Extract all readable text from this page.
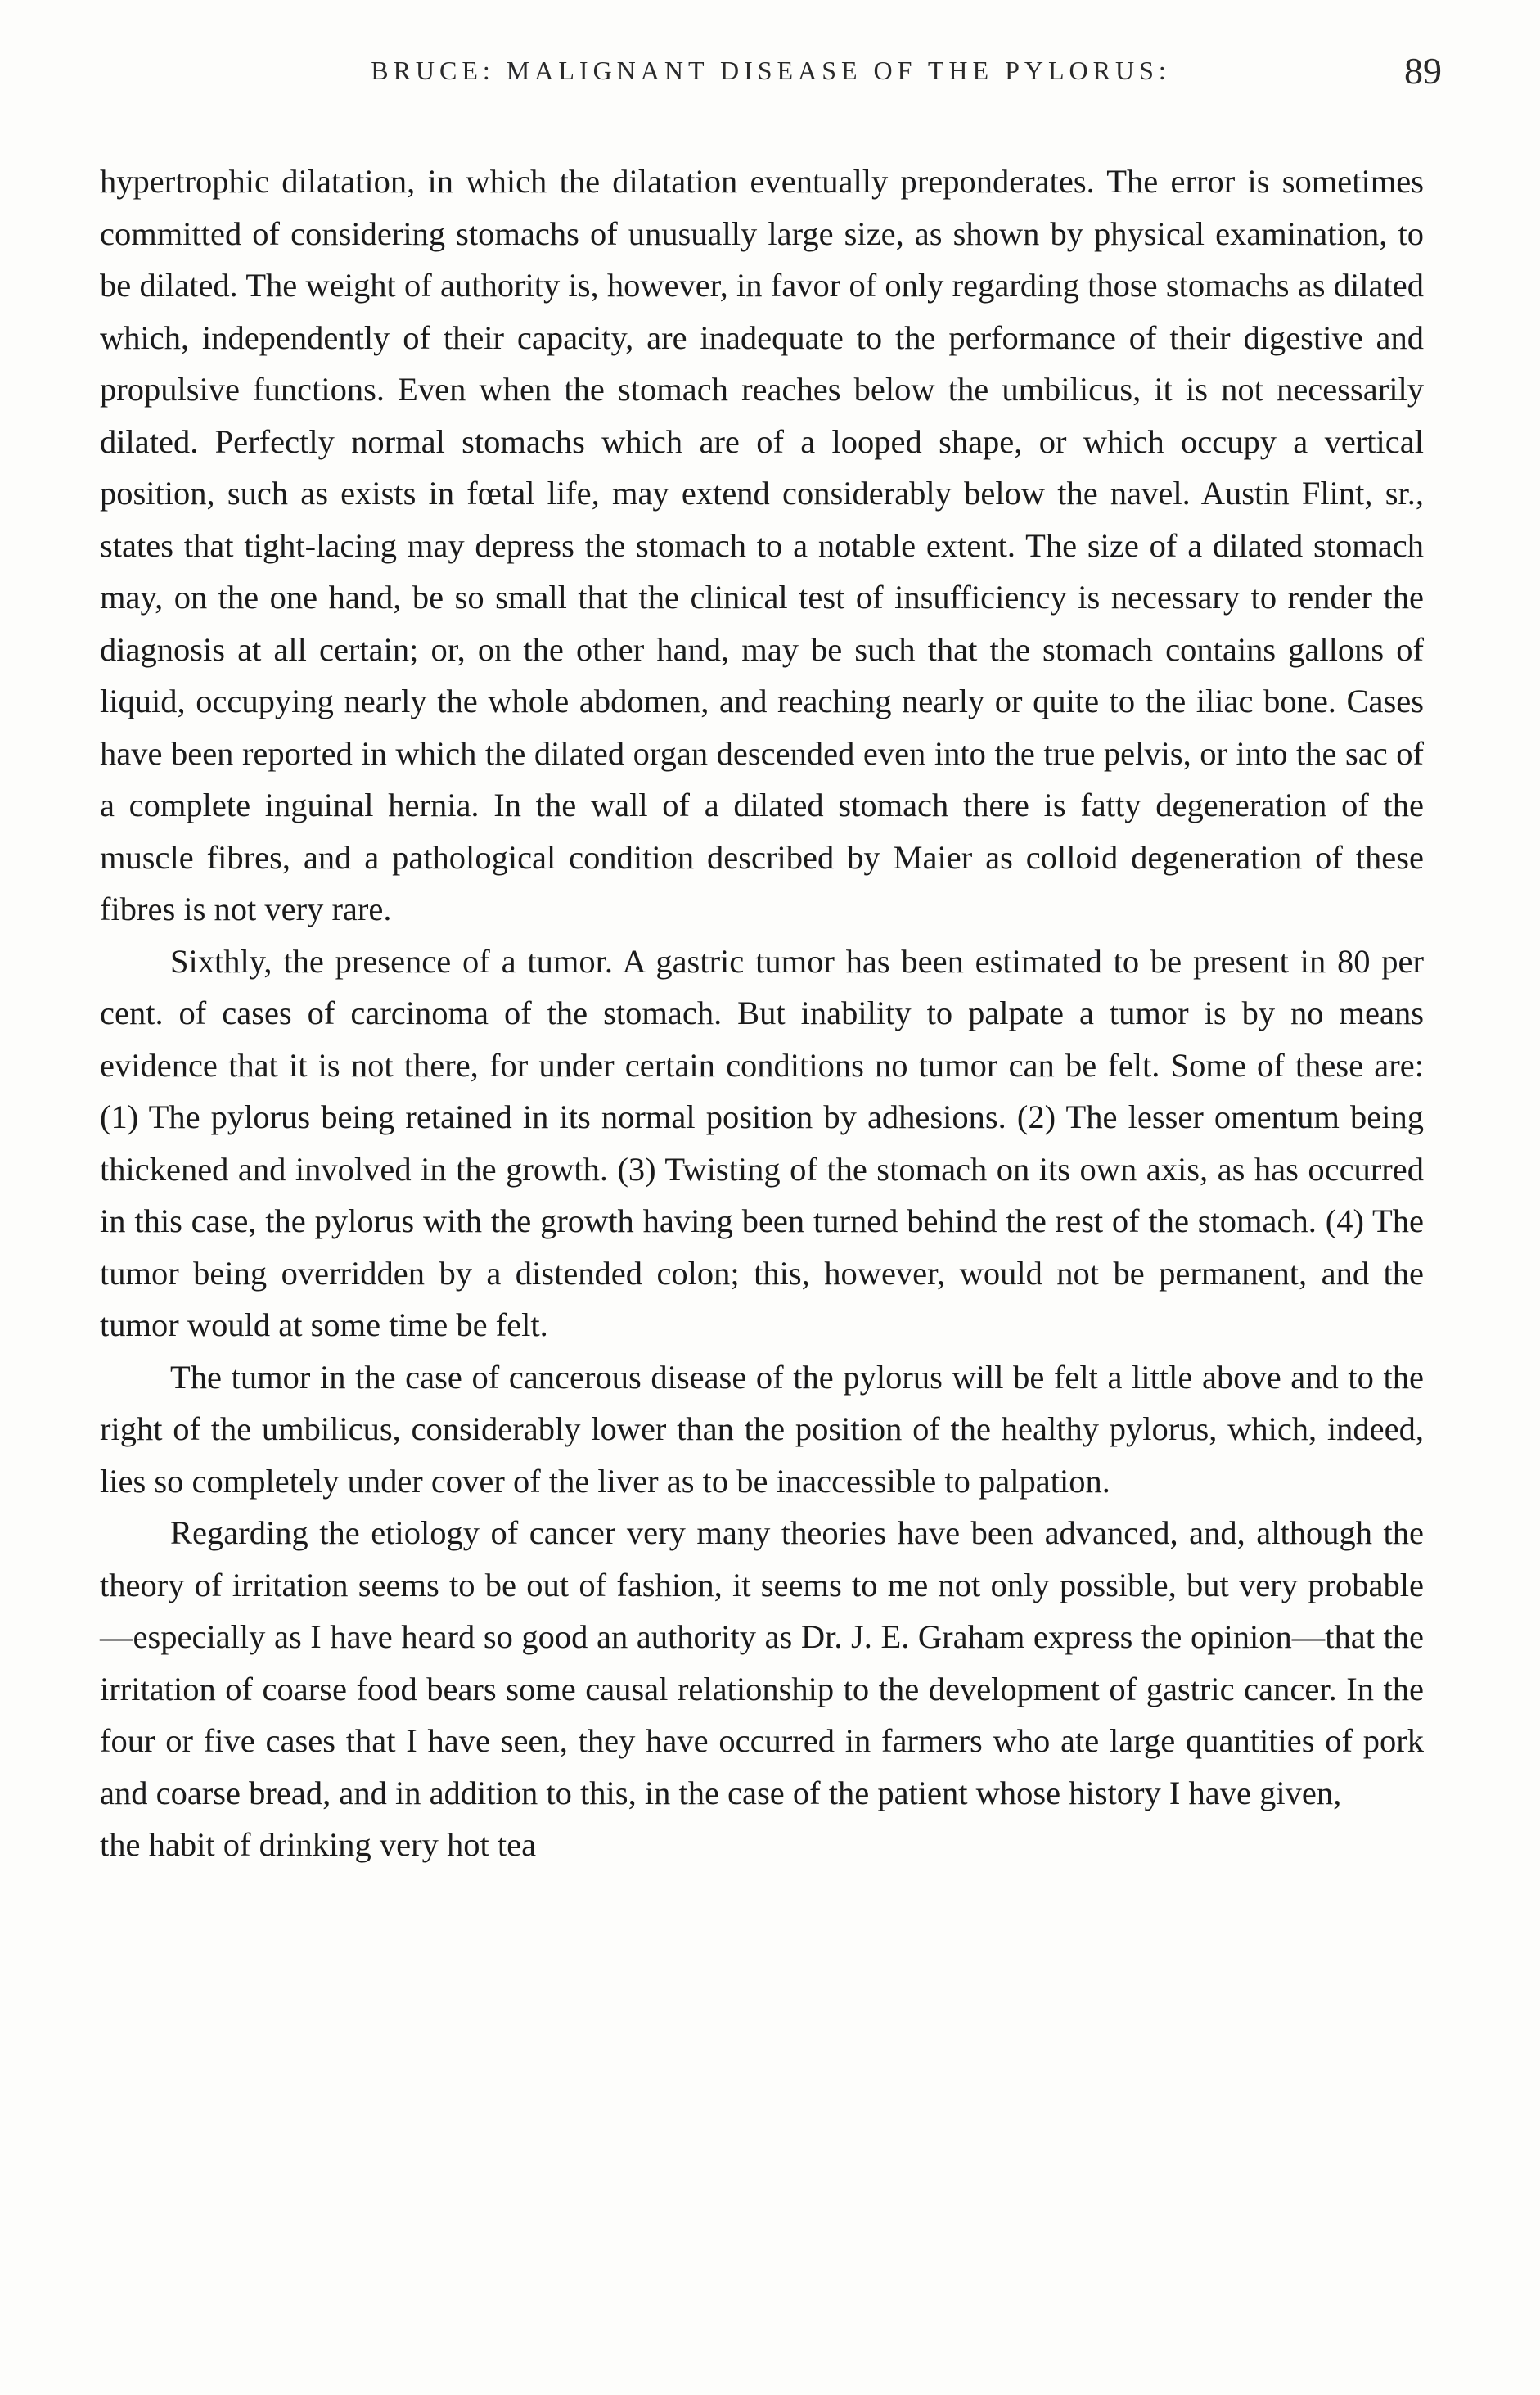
BRUCE: MALIGNANT DISEASE OF THE PYLORUS:	89

hypertrophic dilatation, in which the dilatation eventually preponderates. The error is sometimes committed of considering stomachs of unusually large size, as shown by physical examination, to be dilated. The weight of authority is, however, in favor of only regarding those stomachs as dilated which, independently of their capacity, are inadequate to the performance of their digestive and propulsive functions. Even when the stomach reaches below the umbilicus, it is not necessarily dilated. Perfectly normal stomachs which are of a looped shape, or which occupy a vertical position, such as exists in fœtal life, may extend considerably below the navel. Austin Flint, sr., states that tight-lacing may depress the stomach to a notable extent. The size of a dilated stomach may, on the one hand, be so small that the clinical test of insufficiency is necessary to render the diagnosis at all certain; or, on the other hand, may be such that the stomach contains gallons of liquid, occupying nearly the whole abdomen, and reaching nearly or quite to the iliac bone. Cases have been reported in which the dilated organ descended even into the true pelvis, or into the sac of a complete inguinal hernia. In the wall of a dilated stomach there is fatty degeneration of the muscle fibres, and a pathological condition described by Maier as colloid degeneration of these fibres is not very rare.

Sixthly, the presence of a tumor. A gastric tumor has been estimated to be present in 80 per cent. of cases of carcinoma of the stomach. But inability to palpate a tumor is by no means evidence that it is not there, for under certain conditions no tumor can be felt. Some of these are: (1) The pylorus being retained in its normal position by adhesions. (2) The lesser omentum being thickened and involved in the growth. (3) Twisting of the stomach on its own axis, as has occurred in this case, the pylorus with the growth having been turned behind the rest of the stomach. (4) The tumor being overridden by a distended colon; this, however, would not be permanent, and the tumor would at some time be felt.

The tumor in the case of cancerous disease of the pylorus will be felt a little above and to the right of the umbilicus, considerably lower than the position of the healthy pylorus, which, indeed, lies so completely under cover of the liver as to be inaccessible to palpation.

Regarding the etiology of cancer very many theories have been advanced, and, although the theory of irritation seems to be out of fashion, it seems to me not only possible, but very probable—especially as I have heard so good an authority as Dr. J. E. Graham express the opinion—that the irritation of coarse food bears some causal relationship to the development of gastric cancer. In the four or five cases that I have seen, they have occurred in farmers who ate large quantities of pork and coarse bread, and in addition to this, in the case of the patient whose history I have given,

the habit of drinking very hot tea
